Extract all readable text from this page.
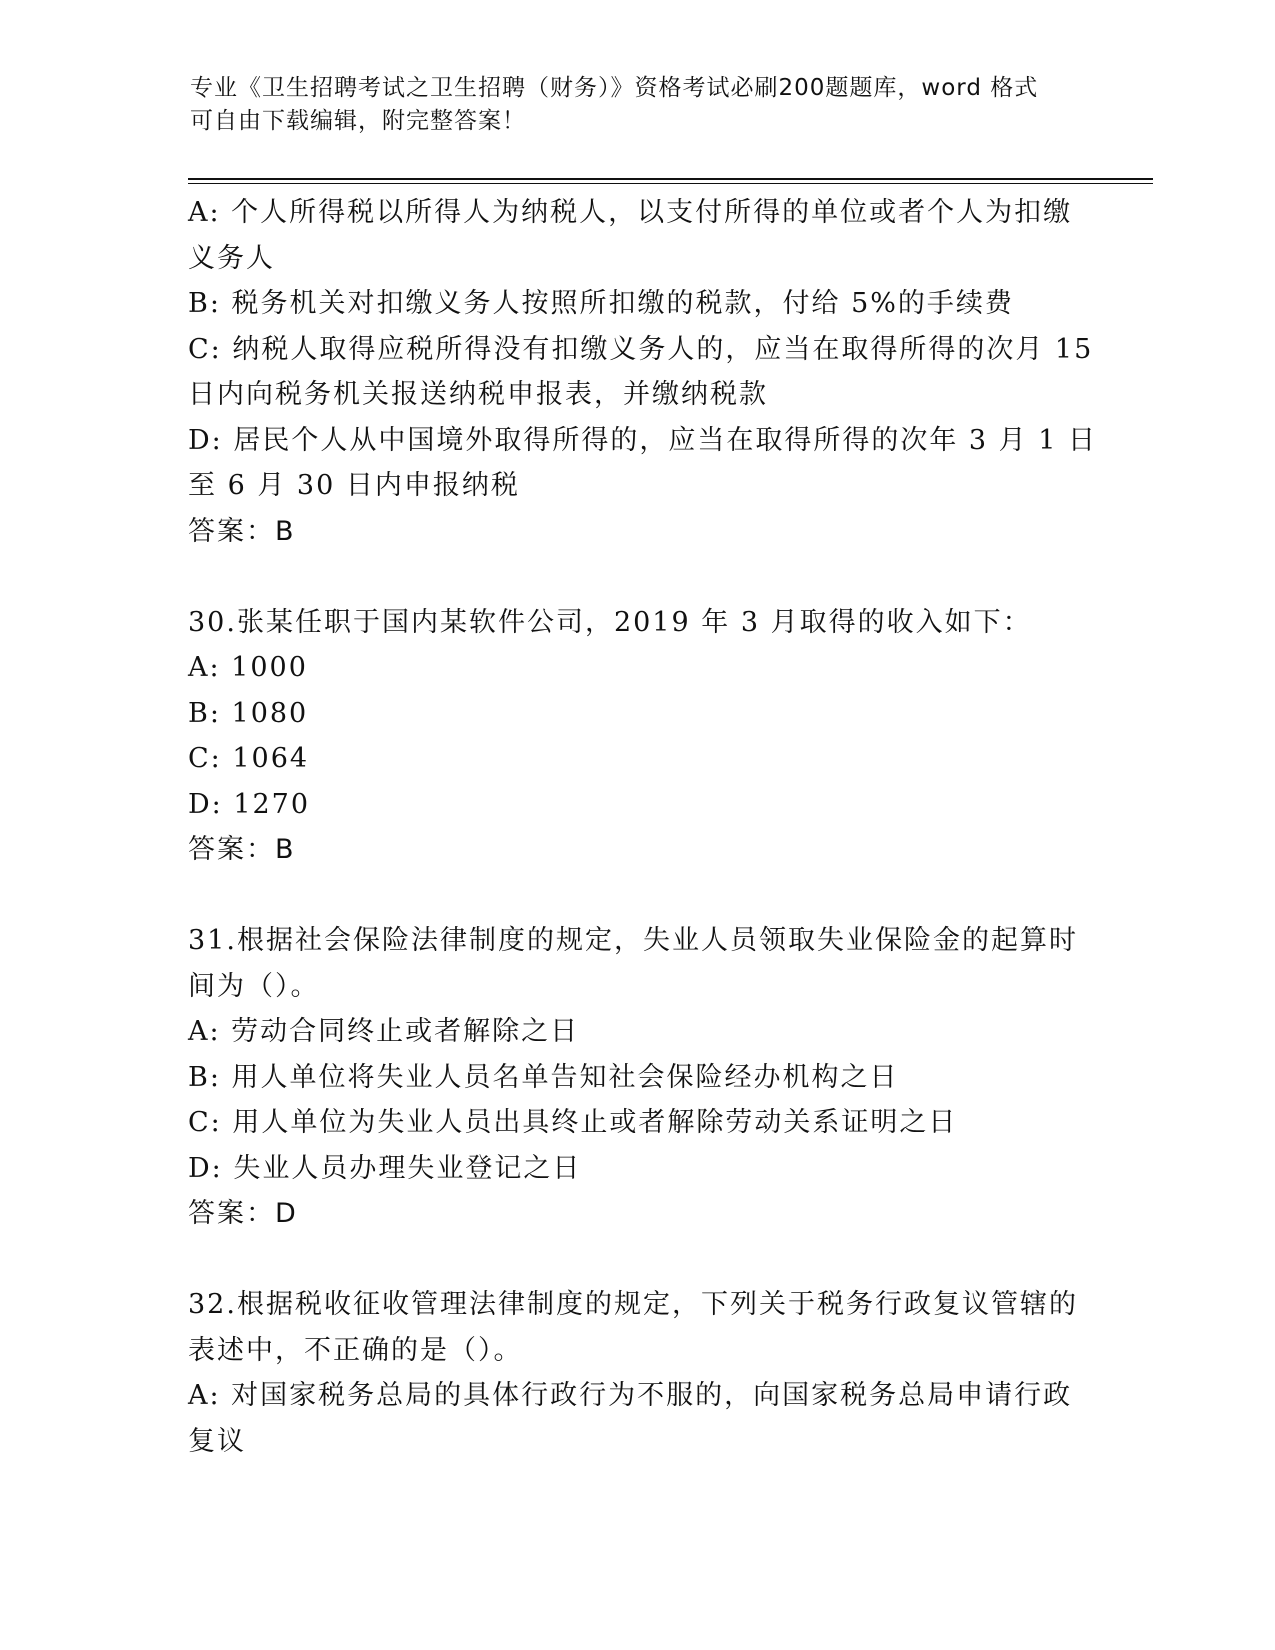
专业《卫生招聘考试之卫生招聘（财务）》资格考试必刷200题题库，word 格式
可自由下载编辑，附完整答案！
A: 个人所得税以所得人为纳税人，以支付所得的单位或者个人为扣缴
义务人
B: 税务机关对扣缴义务人按照所扣缴的税款，付给 5%的手续费
C: 纳税人取得应税所得没有扣缴义务人的，应当在取得所得的次月 15
日内向税务机关报送纳税申报表，并缴纳税款
D: 居民个人从中国境外取得所得的，应当在取得所得的次年 3 月 1 日
至 6 月 30 日内申报纳税
答案：B
30.张某任职于国内某软件公司，2019 年 3 月取得的收入如下：
A: 1000
B: 1080
C: 1064
D: 1270
答案：B
31.根据社会保险法律制度的规定，失业人员领取失业保险金的起算时
间为（）。
A: 劳动合同终止或者解除之日
B: 用人单位将失业人员名单告知社会保险经办机构之日
C: 用人单位为失业人员出具终止或者解除劳动关系证明之日
D: 失业人员办理失业登记之日
答案：D
32.根据税收征收管理法律制度的规定，下列关于税务行政复议管辖的
表述中，不正确的是（）。
A: 对国家税务总局的具体行政行为不服的，向国家税务总局申请行政
复议
